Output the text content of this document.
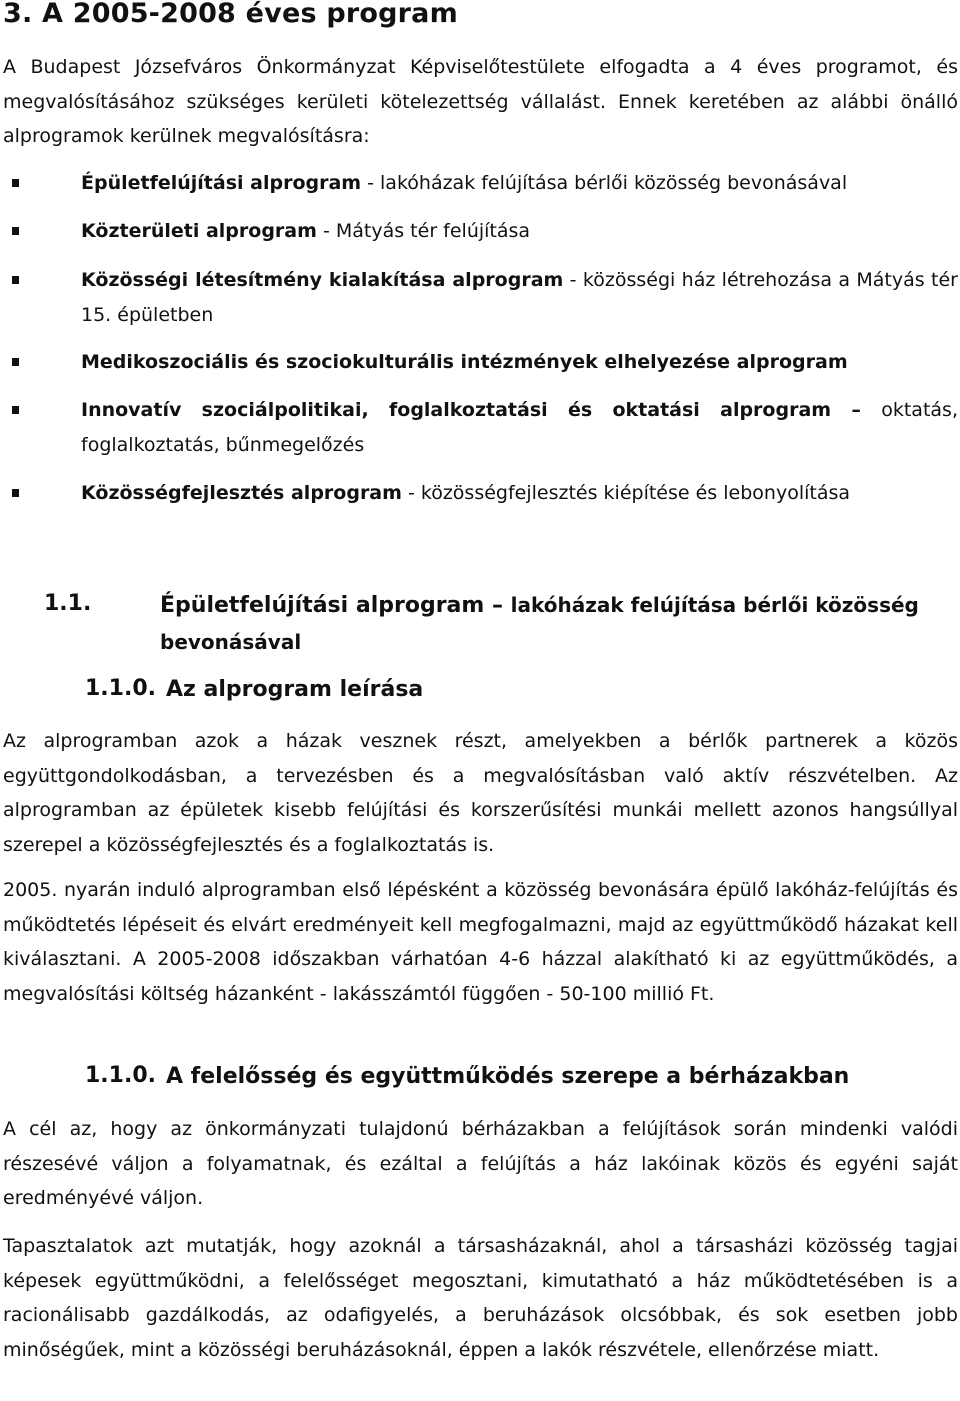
3. A 2005-2008 éves program
A Budapest Józsefváros Önkormányzat Képviselőtestülete elfogadta a 4 éves programot, és megvalósításához szükséges kerületi kötelezettség vállalást. Ennek keretében az alábbi önálló alprogramok kerülnek megvalósításra:
Épületfelújítási alprogram - lakóházak felújítása bérlői közösség bevonásával
Közterületi alprogram - Mátyás tér felújítása
Közösségi létesítmény kialakítása alprogram - közösségi ház létrehozása a Mátyás tér 15. épületben
Medikoszociális és szociokulturális intézmények elhelyezése alprogram
Innovatív szociálpolitikai, foglalkoztatási és oktatási alprogram – oktatás, foglalkoztatás, bűnmegelőzés
Közösségfejlesztés alprogram - közösségfejlesztés kiépítése és lebonyolítása
1.1.	Épületfelújítási alprogram – lakóházak felújítása bérlői közösség bevonásával
1.1.0. Az alprogram leírása
Az alprogramban azok a házak vesznek részt, amelyekben a bérlők partnerek a közös együttgondolkodásban, a tervezésben és a megvalósításban való aktív részvételben. Az alprogramban az épületek kisebb felújítási és korszerűsítési munkái mellett azonos hangsúllyal szerepel a közösségfejlesztés és a foglalkoztatás is.
2005. nyarán induló alprogramban első lépésként a közösség bevonására épülő lakóház-felújítás és működtetés lépéseit és elvárt eredményeit kell megfogalmazni, majd az együttműködő házakat kell kiválasztani. A 2005-2008 időszakban várhatóan 4-6 házzal alakítható ki az együttműködés, a megvalósítási költség házanként - lakásszámtól függően - 50-100 millió Ft.
1.1.0. A felelősség és együttműködés szerepe a bérházakban
A cél az, hogy az önkormányzati tulajdonú bérházakban a felújítások során mindenki valódi részesévé váljon a folyamatnak, és ezáltal a felújítás a ház lakóinak közös és egyéni saját eredményévé váljon.
Tapasztalatok azt mutatják, hogy azoknál a társasházaknál, ahol a társasházi közösség tagjai képesek együttműködni, a felelősséget megosztani, kimutatható a ház működtetésében is a racionálisabb gazdálkodás, az odafigyelés, a beruházások olcsóbbak, és sok esetben jobb minőségűek, mint a közösségi beruházásoknál, éppen a lakók részvétele, ellenőrzése miatt.
